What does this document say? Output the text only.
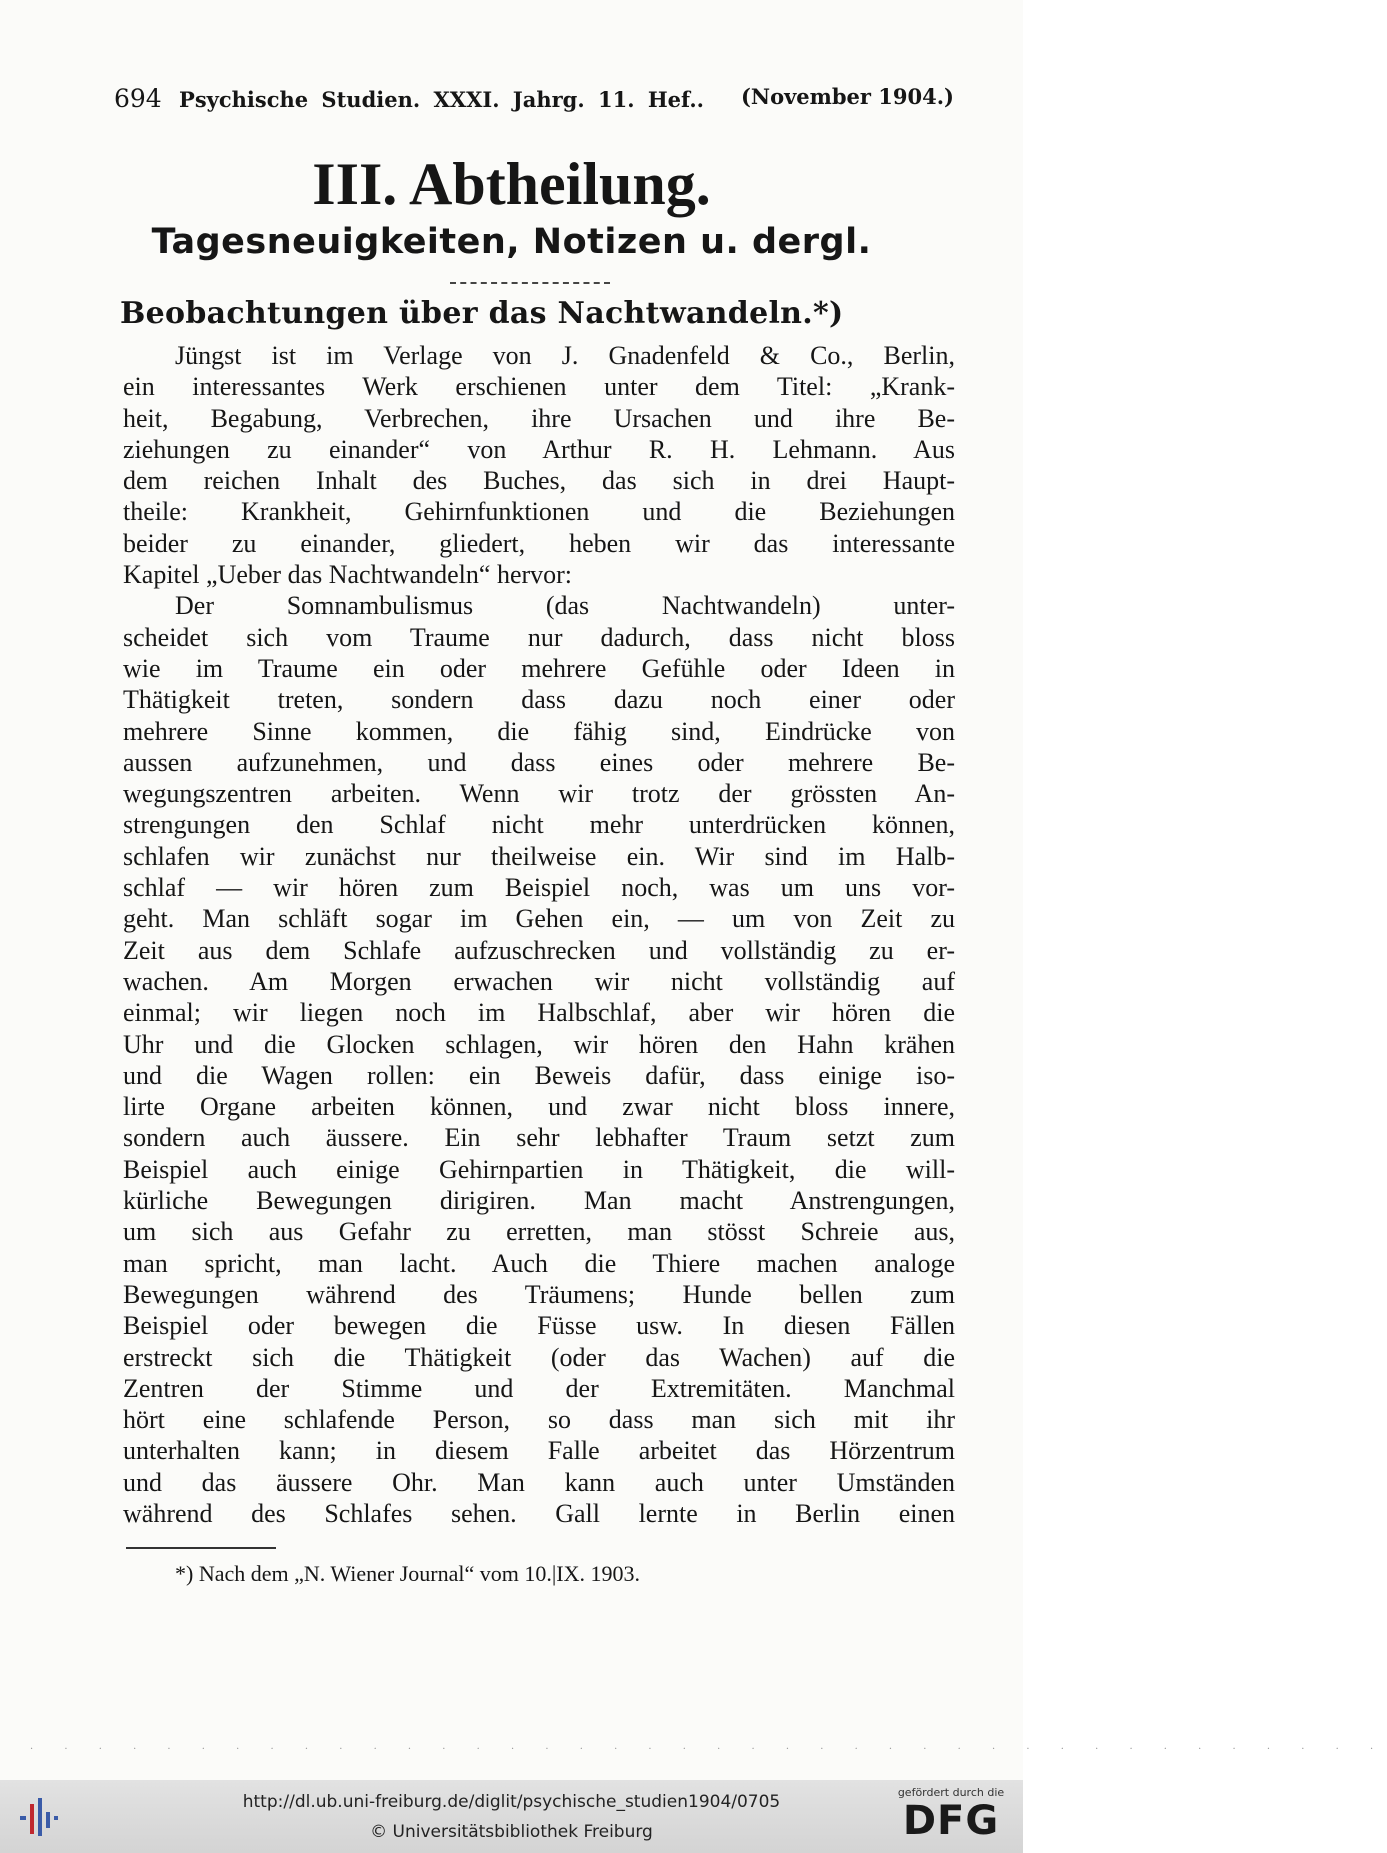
694 Psychische Studien. XXXI. Jahrg. 11. Hef.. (November 1904.)
III. Abtheilung.
Tagesneuigkeiten, Notizen u. dergl.
Beobachtungen über das Nachtwandeln.*)
Jüngst ist im Verlage von J. Gnadenfeld & Co., Berlin,
ein interessantes Werk erschienen unter dem Titel: „Krank-
heit, Begabung, Verbrechen, ihre Ursachen und ihre Be-
ziehungen zu einander“ von Arthur R. H. Lehmann. Aus
dem reichen Inhalt des Buches, das sich in drei Haupt-
theile: Krankheit, Gehirnfunktionen und die Beziehungen
beider zu einander, gliedert, heben wir das interessante
Kapitel „Ueber das Nachtwandeln“ hervor:
Der Somnambulismus (das Nachtwandeln) unter-
scheidet sich vom Traume nur dadurch, dass nicht bloss
wie im Traume ein oder mehrere Gefühle oder Ideen in
Thätigkeit treten, sondern dass dazu noch einer oder
mehrere Sinne kommen, die fähig sind, Eindrücke von
aussen aufzunehmen, und dass eines oder mehrere Be-
wegungszentren arbeiten. Wenn wir trotz der grössten An-
strengungen den Schlaf nicht mehr unterdrücken können,
schlafen wir zunächst nur theilweise ein. Wir sind im Halb-
schlaf — wir hören zum Beispiel noch, was um uns vor-
geht. Man schläft sogar im Gehen ein, — um von Zeit zu
Zeit aus dem Schlafe aufzuschrecken und vollständig zu er-
wachen. Am Morgen erwachen wir nicht vollständig auf
einmal; wir liegen noch im Halbschlaf, aber wir hören die
Uhr und die Glocken schlagen, wir hören den Hahn krähen
und die Wagen rollen: ein Beweis dafür, dass einige iso-
lirte Organe arbeiten können, und zwar nicht bloss innere,
sondern auch äussere. Ein sehr lebhafter Traum setzt zum
Beispiel auch einige Gehirnpartien in Thätigkeit, die will-
kürliche Bewegungen dirigiren. Man macht Anstrengungen,
um sich aus Gefahr zu erretten, man stösst Schreie aus,
man spricht, man lacht. Auch die Thiere machen analoge
Bewegungen während des Träumens; Hunde bellen zum
Beispiel oder bewegen die Füsse usw. In diesen Fällen
erstreckt sich die Thätigkeit (oder das Wachen) auf die
Zentren der Stimme und der Extremitäten. Manchmal
hört eine schlafende Person, so dass man sich mit ihr
unterhalten kann; in diesem Falle arbeitet das Hörzentrum
und das äussere Ohr. Man kann auch unter Umständen
während des Schlafes sehen. Gall lernte in Berlin einen
*) Nach dem „N. Wiener Journal“ vom 10.|IX. 1903.
· · · · · · · · · · · · · · · · · · · · · · · · · · · · · · · · · · · · · · · ·
http://dl.ub.uni-freiburg.de/diglit/psychische_studien1904/0705
© Universitätsbibliothek Freiburg
gefördert durch die
DFG
